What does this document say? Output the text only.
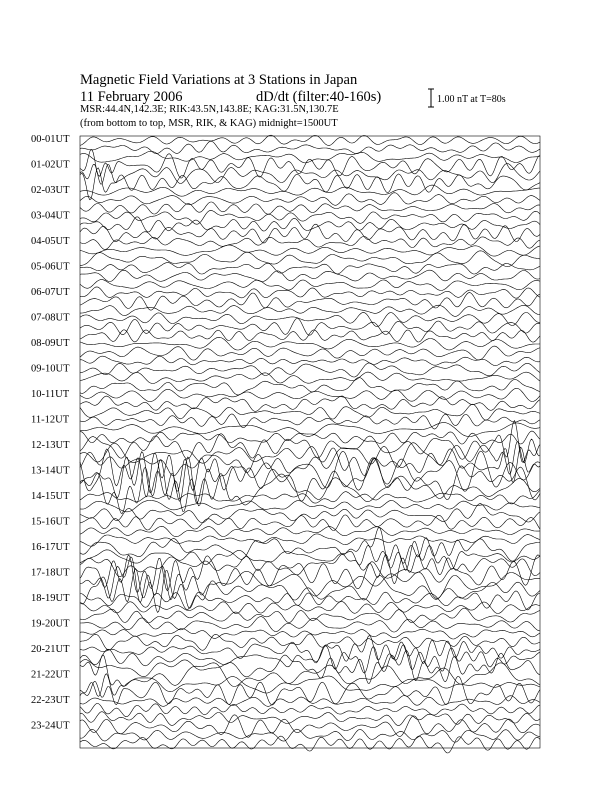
Magnetic Field Variations at 3 Stations in Japan
11 February 2006	dD/dt (filter:40-160s)
MSR:44.4N,142.3E; RIK:43.5N,143.8E; KAG:31.5N,130.7E
(from bottom to top, MSR, RIK, & KAG) midnight=1500UT
1.00 nT at T=80s
00-01UT
01-02UT
02-03UT
03-04UT
04-05UT
05-06UT
06-07UT
07-08UT
08-09UT
09-10UT
10-11UT
11-12UT
12-13UT
13-14UT
14-15UT
15-16UT
16-17UT
17-18UT
18-19UT
19-20UT
20-21UT
21-22UT
22-23UT
23-24UT
